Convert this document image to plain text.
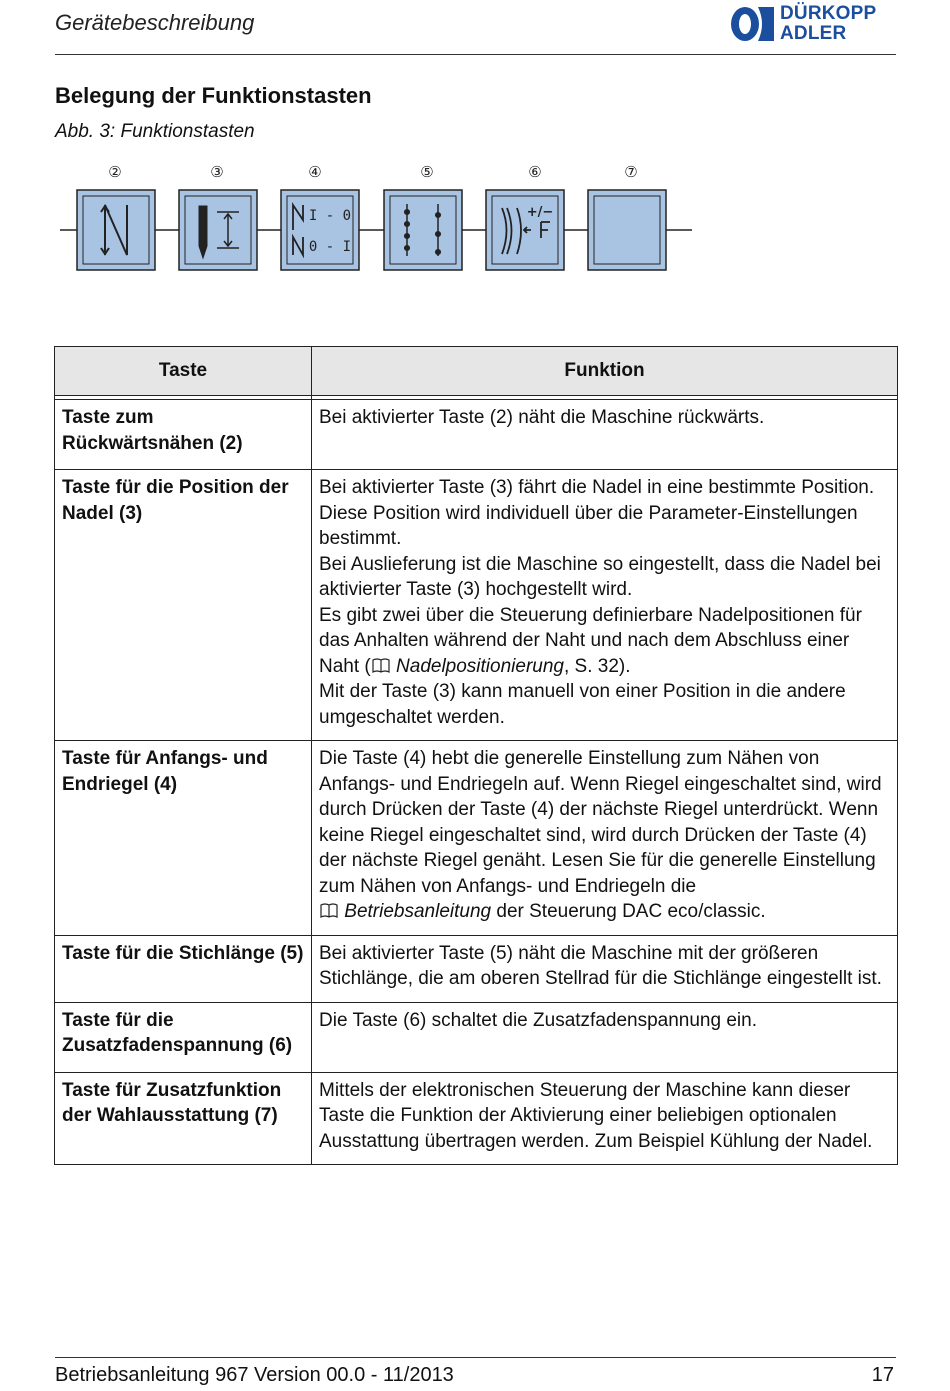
Gerätebeschreibung	DÜRKOPP
ADLER
Belegung der Funktionstasten
Abb. 3: Funktionstasten
②	③	④	⑤	⑥	⑦
I - 0
0 - I
+/−
Taste	Funktion

Taste zum Rückwärtsnähen (2)	Bei aktivierter Taste (2) näht die Maschine rückwärts.
Taste für die Position der Nadel (3)	Bei aktivierter Taste (3) fährt die Nadel in eine bestimmte Position. Diese Position wird individuell über die Parameter-Einstellungen bestimmt.
Bei Auslieferung ist die Maschine so eingestellt, dass die Nadel bei aktivierter Taste (3) hochgestellt wird.
Es gibt zwei über die Steuerung definierbare Nadelpositionen für das Anhalten während der Naht und nach dem Abschluss einer Naht ( Nadelpositionierung, S. 32).
Mit der Taste (3) kann manuell von einer Position in die andere umgeschaltet werden.
Taste für Anfangs- und Endriegel (4)	Die Taste (4) hebt die generelle Einstellung zum Nähen von Anfangs- und Endriegeln auf. Wenn Riegel eingeschaltet sind, wird durch Drücken der Taste (4) der nächste Riegel unterdrückt. Wenn keine Riegel eingeschaltet sind, wird durch Drücken der Taste (4) der nächste Riegel genäht. Lesen Sie für die generelle Einstellung zum Nähen von Anfangs- und Endriegeln die
Betriebsanleitung der Steuerung DAC eco/classic.
Taste für die Stichlänge (5)	Bei aktivierter Taste (5) näht die Maschine mit der größeren Stichlänge, die am oberen Stellrad für die Stichlänge eingestellt ist.
Taste für die Zusatzfadenspannung (6)	Die Taste (6) schaltet die Zusatzfadenspannung ein.
Taste für Zusatzfunktion der Wahlausstattung (7)	Mittels der elektronischen Steuerung der Maschine kann dieser Taste die Funktion der Aktivierung einer beliebigen optionalen Ausstattung übertragen werden. Zum Beispiel Kühlung der Nadel.
Betriebsanleitung 967 Version 00.0 - 11/2013	17
